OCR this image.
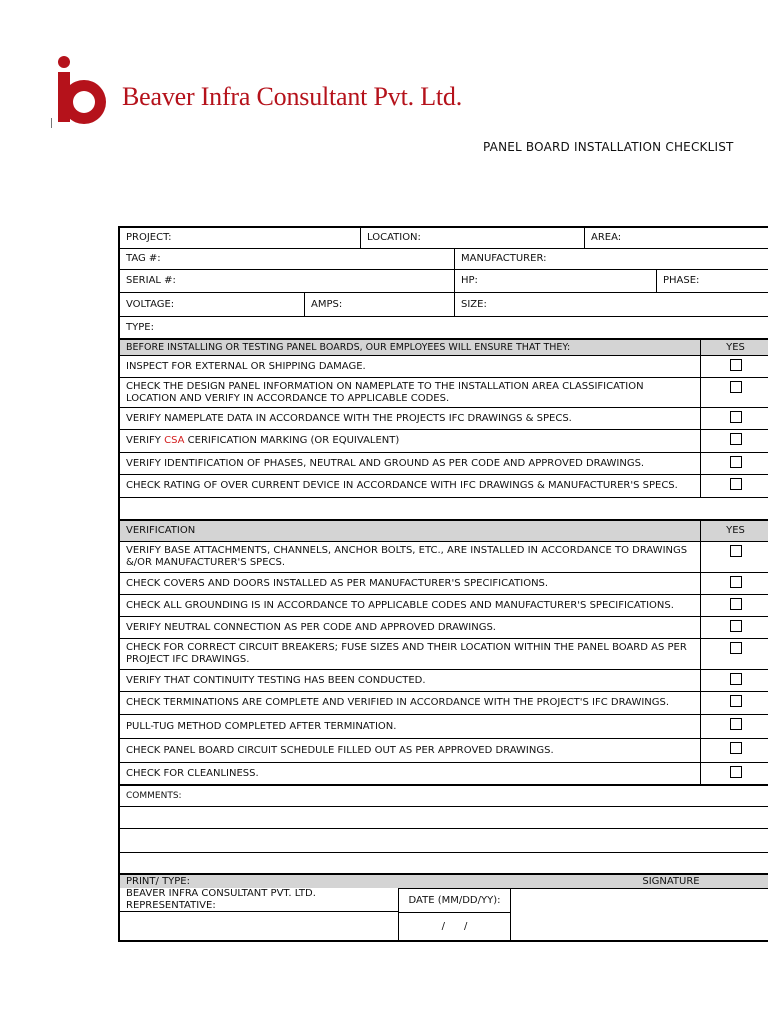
Beaver Infra Consultant Pvt. Ltd.
PANEL BOARD INSTALLATION CHECKLIST
PROJECT:	LOCATION:	AREA:
TAG #:	MANUFACTURER:
SERIAL #:	HP:	PHASE:
VOLTAGE:	AMPS:	SIZE:
TYPE:
BEFORE INSTALLING OR TESTING PANEL BOARDS, OUR EMPLOYEES WILL ENSURE THAT THEY:	YES
INSPECT FOR EXTERNAL OR SHIPPING DAMAGE.
CHECK THE DESIGN PANEL INFORMATION ON NAMEPLATE TO THE INSTALLATION AREA CLASSIFICATION LOCATION AND VERIFY IN ACCORDANCE TO APPLICABLE CODES.
VERIFY NAMEPLATE DATA IN ACCORDANCE WITH THE PROJECTS IFC DRAWINGS & SPECS.
VERIFY CSA CERIFICATION MARKING (OR EQUIVALENT)
VERIFY IDENTIFICATION OF PHASES, NEUTRAL AND GROUND AS PER CODE AND APPROVED DRAWINGS.
CHECK RATING OF OVER CURRENT DEVICE IN ACCORDANCE WITH IFC DRAWINGS & MANUFACTURER'S SPECS.
VERIFICATION	YES
VERIFY BASE ATTACHMENTS, CHANNELS, ANCHOR BOLTS, ETC., ARE INSTALLED IN ACCORDANCE TO DRAWINGS &/OR MANUFACTURER'S SPECS.
CHECK COVERS AND DOORS INSTALLED AS PER MANUFACTURER'S SPECIFICATIONS.
CHECK ALL GROUNDING IS IN ACCORDANCE TO APPLICABLE CODES AND MANUFACTURER'S SPECIFICATIONS.
VERIFY NEUTRAL CONNECTION AS PER CODE AND APPROVED DRAWINGS.
CHECK FOR CORRECT CIRCUIT BREAKERS; FUSE SIZES AND THEIR LOCATION WITHIN THE PANEL BOARD AS PER PROJECT IFC DRAWINGS.
VERIFY THAT CONTINUITY TESTING HAS BEEN CONDUCTED.
CHECK TERMINATIONS ARE COMPLETE AND VERIFIED IN ACCORDANCE WITH THE PROJECT'S IFC DRAWINGS.
PULL-TUG METHOD COMPLETED AFTER TERMINATION.
CHECK PANEL BOARD CIRCUIT SCHEDULE FILLED OUT AS PER APPROVED DRAWINGS.
CHECK FOR CLEANLINESS.
COMMENTS:
PRINT/ TYPE:	SIGNATURE
BEAVER INFRA CONSULTANT PVT. LTD.
REPRESENTATIVE:	DATE (MM/DD/YY):
/      /
